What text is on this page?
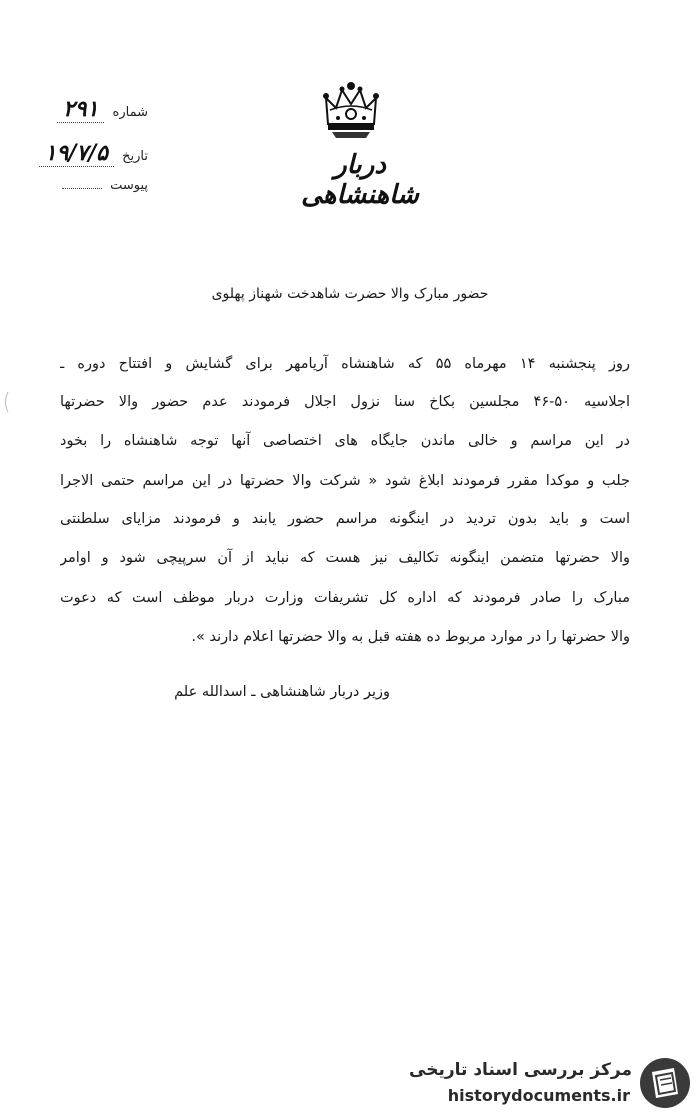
دربار شاهنشاهی
شماره ۲۹۱
تاریخ ۱۹/۷/۵
پیوست
حضور مبارک والا حضرت شاهدخت شهناز پهلوی
روز پنجشنبه ۱۴ مهرماه ۵۵ که شاهنشاه آریامهر برای گشایش و افتتاح دوره ـ
اجلاسیه ۵۰-۴۶ مجلسین بکاخ سنا نزول اجلال فرمودند عدم حضور والا حضرتها
در این مراسم و خالی ماندن جایگاه های اختصاصی آنها توجه شاهنشاه را بخود
جلب و موکدا مقرر فرمودند ابلاغ شود « شرکت والا حضرتها در این مراسم حتمی الاجرا
است و باید بدون تردید در اینگونه مراسم حضور یابند و فرمودند مزایای سلطنتی
والا حضرتها متضمن اینگونه تکالیف نیز هست که نباید از آن سرپیچی شود و اوامر
مبارک را صادر فرمودند که اداره کل تشریفات وزارت دربار موظف است که دعوت
والا حضرتها را در موارد مربوط ده هفته قبل به والا حضرتها اعلام دارند ».
وزیر دربار شاهنشاهی ـ اسدالله علم
مرکز بررسی اسناد تاریخی
historydocuments.ir
